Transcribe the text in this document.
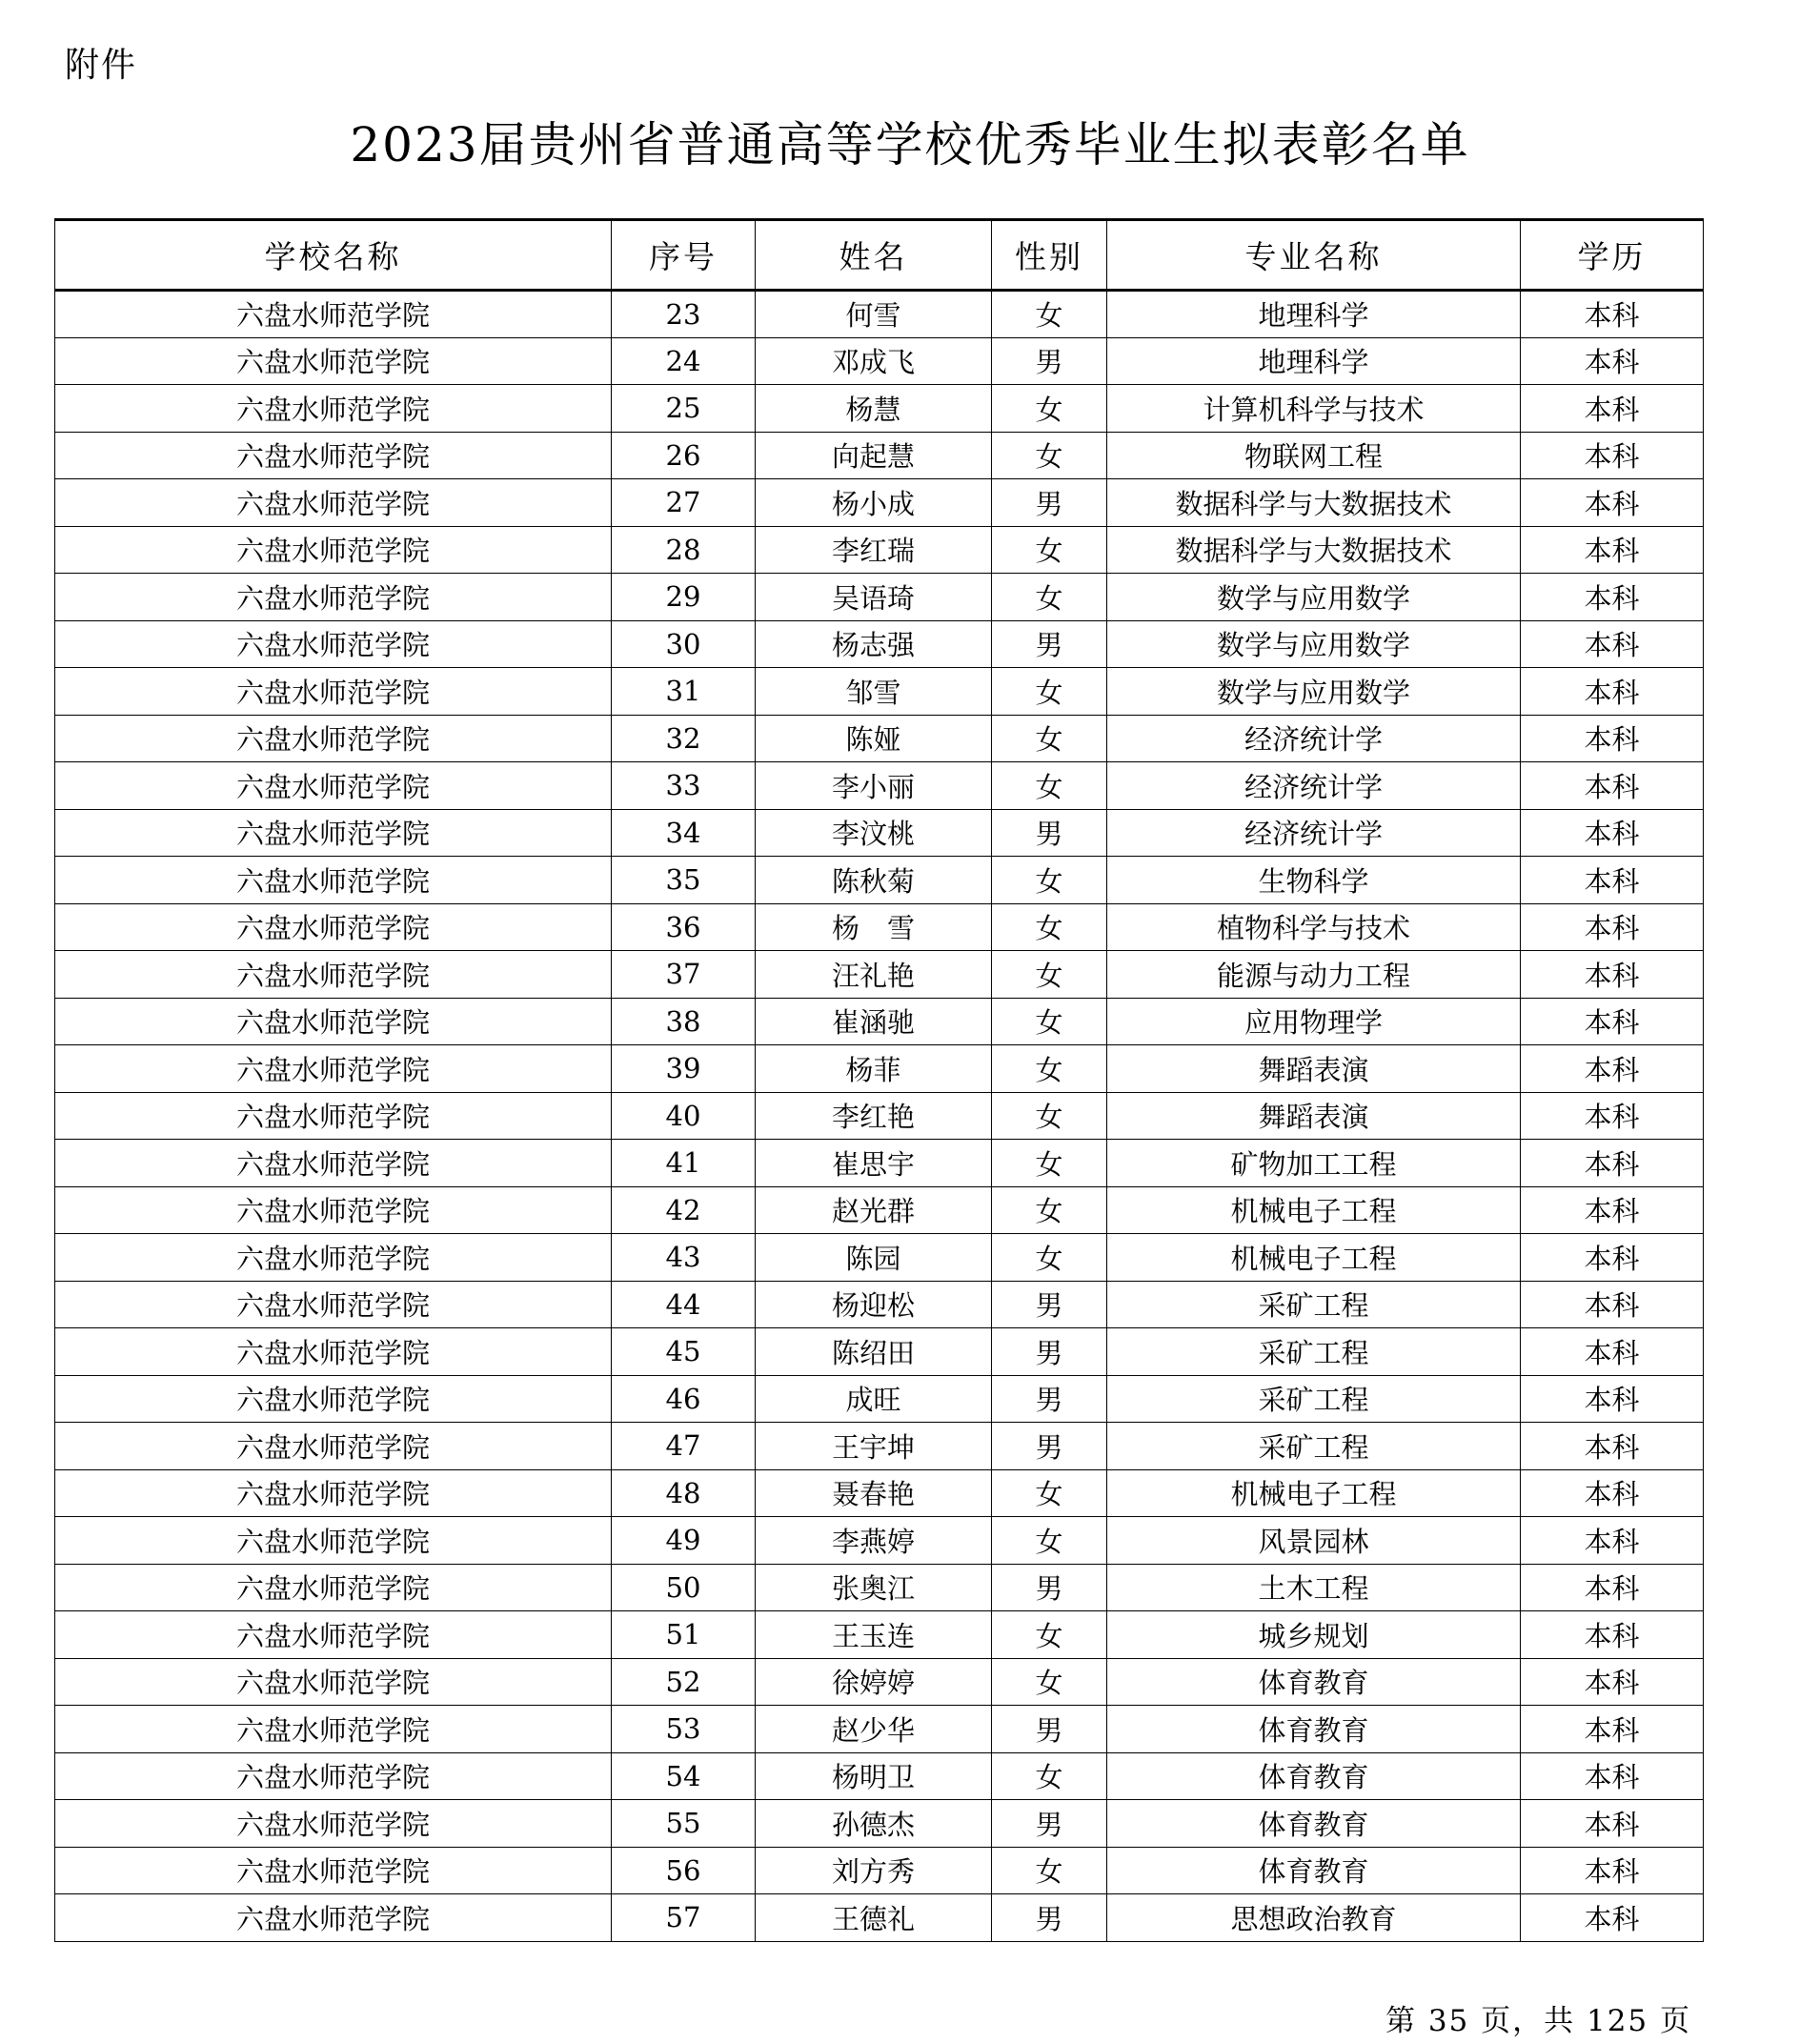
附件
2023届贵州省普通高等学校优秀毕业生拟表彰名单
学校名称	序号	姓名	性别	专业名称	学历
六盘水师范学院	23	何雪	女	地理科学	本科
六盘水师范学院	24	邓成飞	男	地理科学	本科
六盘水师范学院	25	杨慧	女	计算机科学与技术	本科
六盘水师范学院	26	向起慧	女	物联网工程	本科
六盘水师范学院	27	杨小成	男	数据科学与大数据技术	本科
六盘水师范学院	28	李红瑞	女	数据科学与大数据技术	本科
六盘水师范学院	29	吴语琦	女	数学与应用数学	本科
六盘水师范学院	30	杨志强	男	数学与应用数学	本科
六盘水师范学院	31	邹雪	女	数学与应用数学	本科
六盘水师范学院	32	陈娅	女	经济统计学	本科
六盘水师范学院	33	李小丽	女	经济统计学	本科
六盘水师范学院	34	李汶桃	男	经济统计学	本科
六盘水师范学院	35	陈秋菊	女	生物科学	本科
六盘水师范学院	36	杨　雪	女	植物科学与技术	本科
六盘水师范学院	37	汪礼艳	女	能源与动力工程	本科
六盘水师范学院	38	崔涵驰	女	应用物理学	本科
六盘水师范学院	39	杨菲	女	舞蹈表演	本科
六盘水师范学院	40	李红艳	女	舞蹈表演	本科
六盘水师范学院	41	崔思宇	女	矿物加工工程	本科
六盘水师范学院	42	赵光群	女	机械电子工程	本科
六盘水师范学院	43	陈园	女	机械电子工程	本科
六盘水师范学院	44	杨迎松	男	采矿工程	本科
六盘水师范学院	45	陈绍田	男	采矿工程	本科
六盘水师范学院	46	成旺	男	采矿工程	本科
六盘水师范学院	47	王宇坤	男	采矿工程	本科
六盘水师范学院	48	聂春艳	女	机械电子工程	本科
六盘水师范学院	49	李燕婷	女	风景园林	本科
六盘水师范学院	50	张奥江	男	土木工程	本科
六盘水师范学院	51	王玉连	女	城乡规划	本科
六盘水师范学院	52	徐婷婷	女	体育教育	本科
六盘水师范学院	53	赵少华	男	体育教育	本科
六盘水师范学院	54	杨明卫	女	体育教育	本科
六盘水师范学院	55	孙德杰	男	体育教育	本科
六盘水师范学院	56	刘方秀	女	体育教育	本科
六盘水师范学院	57	王德礼	男	思想政治教育	本科
第 35 页，共 125 页
